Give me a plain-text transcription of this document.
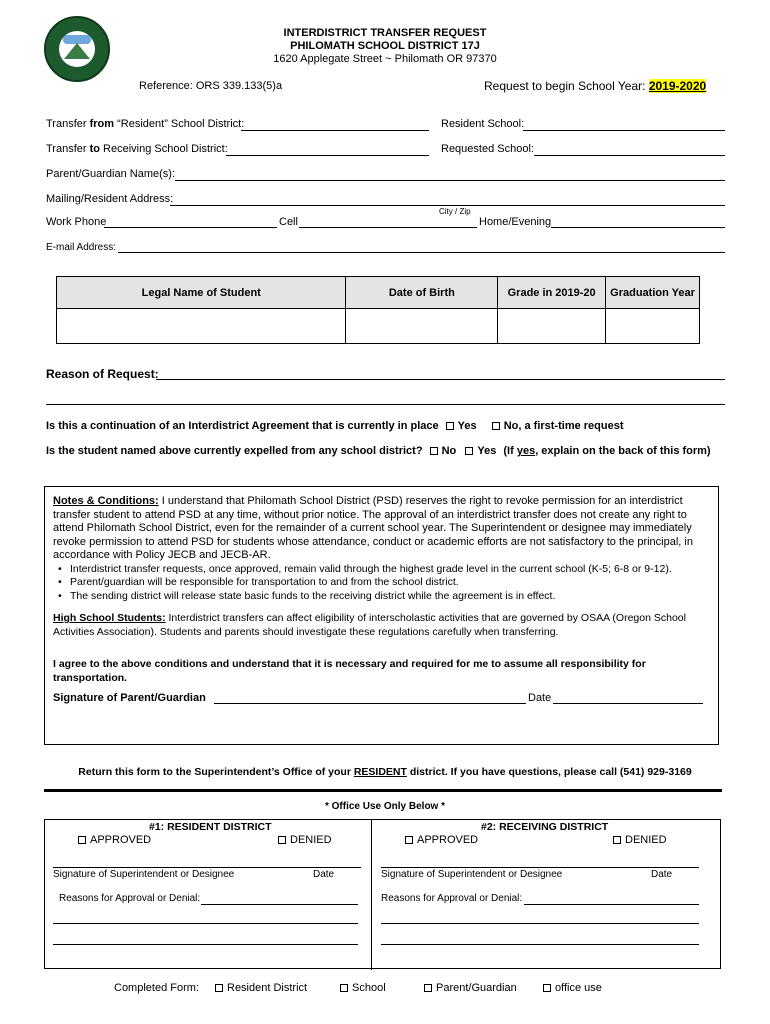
INTERDISTRICT TRANSFER REQUEST
PHILOMATH SCHOOL DISTRICT 17J
1620 Applegate Street ~ Philomath OR 97370
Reference: ORS 339.133(5)a	Request to begin School Year: 2019-2020
Transfer from “Resident” School District:	Resident School:
Transfer to Receiving School District:	Requested School:
Parent/Guardian Name(s):
Mailing/Resident Address:
City / Zip
Work Phone	Cell	Home/Evening
E-mail Address:
Legal Name of Student	Date of Birth	Grade in 2019-20	Graduation Year

Reason of Request:
Is this a continuation of an Interdistrict Agreement that is currently in place Yes No, a first-time request
Is the student named above currently expelled from any school district? No Yes (If yes, explain on the back of this form)
Notes & Conditions: I understand that Philomath School District (PSD) reserves the right to revoke permission for an interdistrict transfer student to attend PSD at any time, without prior notice. The approval of an interdistrict transfer does not create any right to attend Philomath School District, even for the remainder of a current school year. The Superintendent or designee may immediately revoke permission to attend PSD for students whose attendance, conduct or academic efforts are not satisfactory to the principal, in accordance with Policy JECB and JECB-AR.
• Interdistrict transfer requests, once approved, remain valid through the highest grade level in the current school (K-5; 6-8 or 9-12).
• Parent/guardian will be responsible for transportation to and from the school district.
• The sending district will release state basic funds to the receiving district while the agreement is in effect.
High School Students: Interdistrict transfers can affect eligibility of interscholastic activities that are governed by OSAA (Oregon School Activities Association). Students and parents should investigate these regulations carefully when transferring.
I agree to the above conditions and understand that it is necessary and required for me to assume all responsibility for transportation.
Signature of Parent/Guardian	Date
Return this form to the Superintendent’s Office of your RESIDENT district. If you have questions, please call (541) 929-3169
* Office Use Only Below *
#1: RESIDENT DISTRICT
APPROVED	DENIED
Signature of Superintendent or Designee	Date
Reasons for Approval or Denial:
#2: RECEIVING DISTRICT
APPROVED	DENIED
Signature of Superintendent or Designee	Date
Reasons for Approval or Denial:
Completed Form:	Resident District	School	Parent/Guardian	office use
